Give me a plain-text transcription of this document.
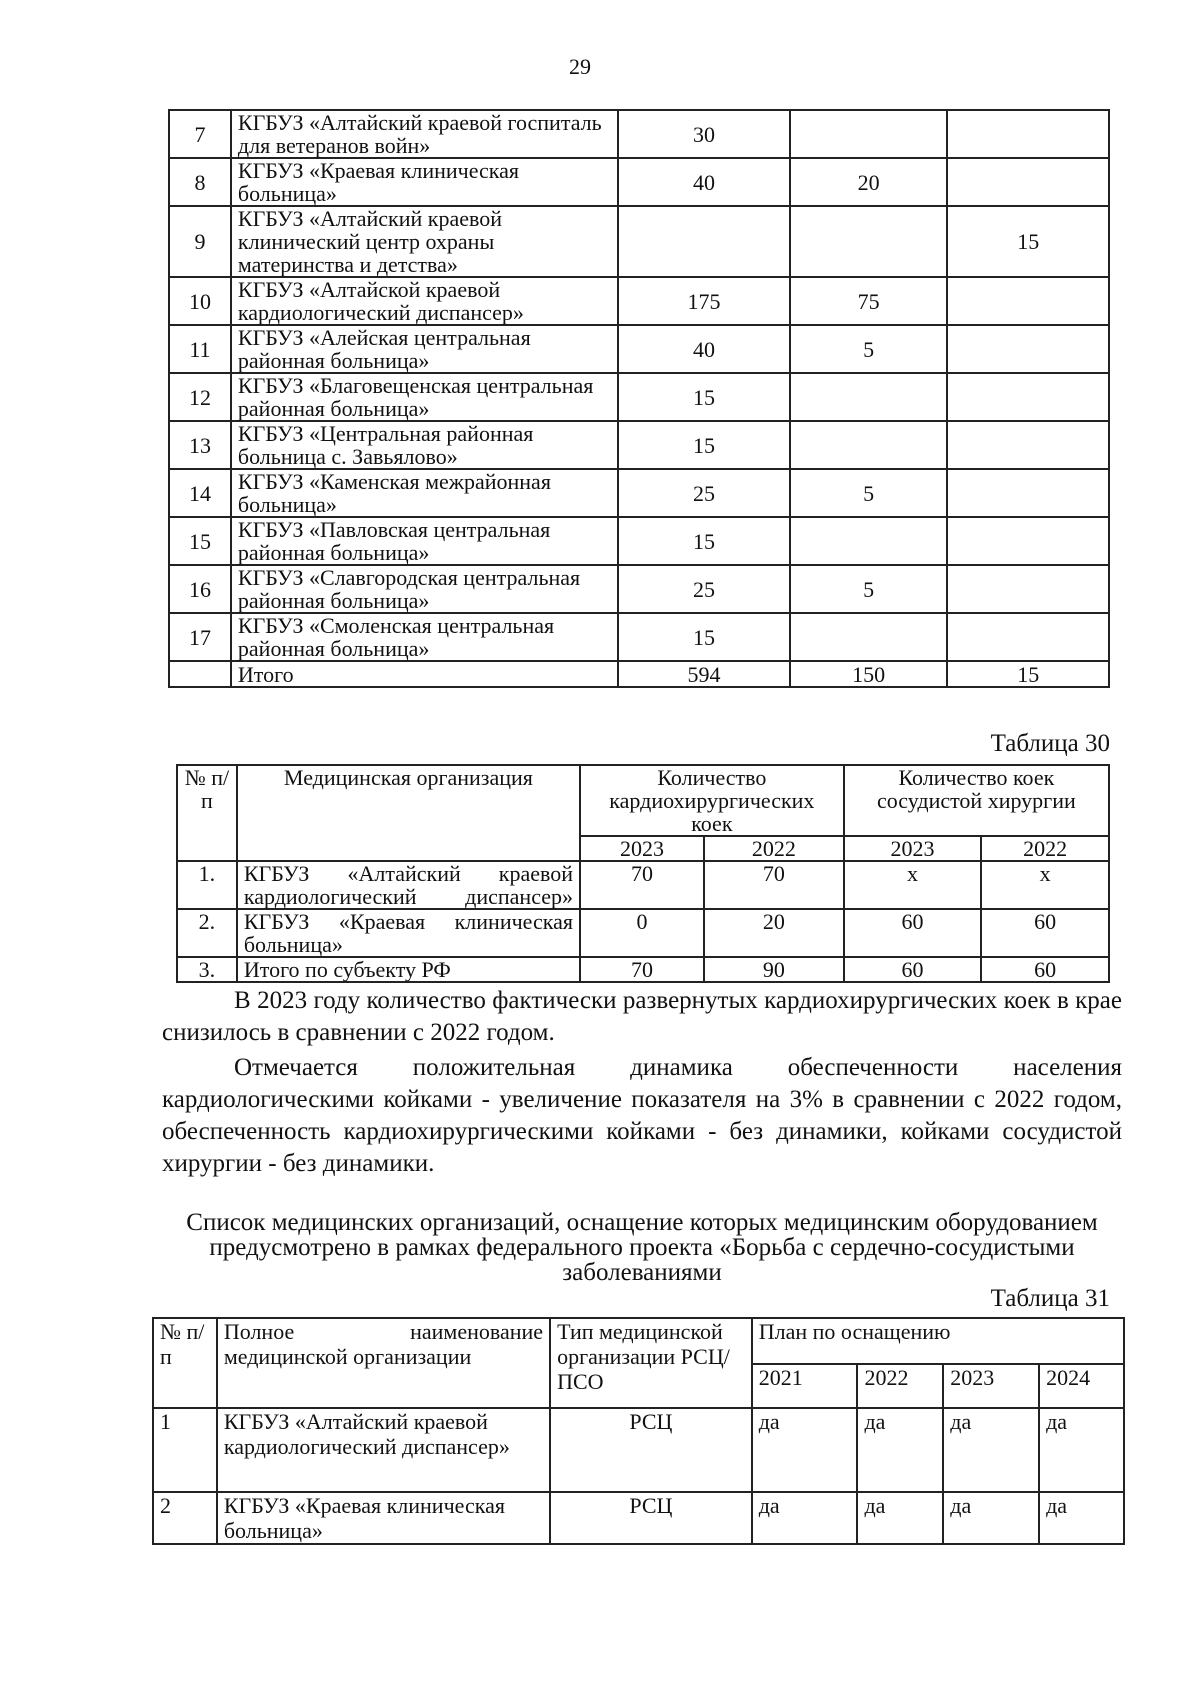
29
7	КГБУЗ «Алтайский краевой госпиталь для ветеранов войн»	30		
8	КГБУЗ «Краевая клиническая больница»	40	20	
9	КГБУЗ «Алтайский краевой клинический центр охраны материнства и детства»			15
10	КГБУЗ «Алтайской краевой кардиологический диспансер»	175	75	
11	КГБУЗ «Алейская центральная районная больница»	40	5	
12	КГБУЗ «Благовещенская центральная районная больница»	15		
13	КГБУЗ «Центральная районная больница с. Завьялово»	15		
14	КГБУЗ «Каменская межрайонная больница»	25	5	
15	КГБУЗ «Павловская центральная районная больница»	15		
16	КГБУЗ «Славгородская центральная районная больница»	25	5	
17	КГБУЗ «Смоленская центральная районная больница»	15		
	Итого	594	150	15
Таблица 30
№ п/п	Медицинская организация	Количество кардиохирургических коек		Количество коек сосудистой хирургии	
		2023	2022	2023	2022
1.	КГБУЗ «Алтайский краевой кардиологический диспансер»	70	70	х	х
2.	КГБУЗ «Краевая клиническая больница»	0	20	60	60
3.	Итого по субъекту РФ	70	90	60	60

В 2023 году количество фактически развернутых кардиохирургических коек в крае снизилось в сравнении с 2022 годом.

Отмечается положительная динамика обеспеченности населения кардиологическими койками - увеличение показателя на 3% в сравнении с 2022 годом, обеспеченность кардиохирургическими койками - без динамики, койками сосудистой хирургии - без динамики.

Список медицинских организаций, оснащение которых медицинским оборудованием предусмотрено в рамках федерального проекта «Борьба с сердечно-сосудистыми заболеваниями
Таблица 31
№ п/п	Полное наименование медицинской организации	Тип медицинской организации РСЦ/ПСО	План по оснащению			
			2021	2022	2023	2024
1	КГБУЗ «Алтайский краевой кардиологический диспансер»	РСЦ	да	да	да	да
2	КГБУЗ «Краевая клиническая больница»	РСЦ	да	да	да	да
